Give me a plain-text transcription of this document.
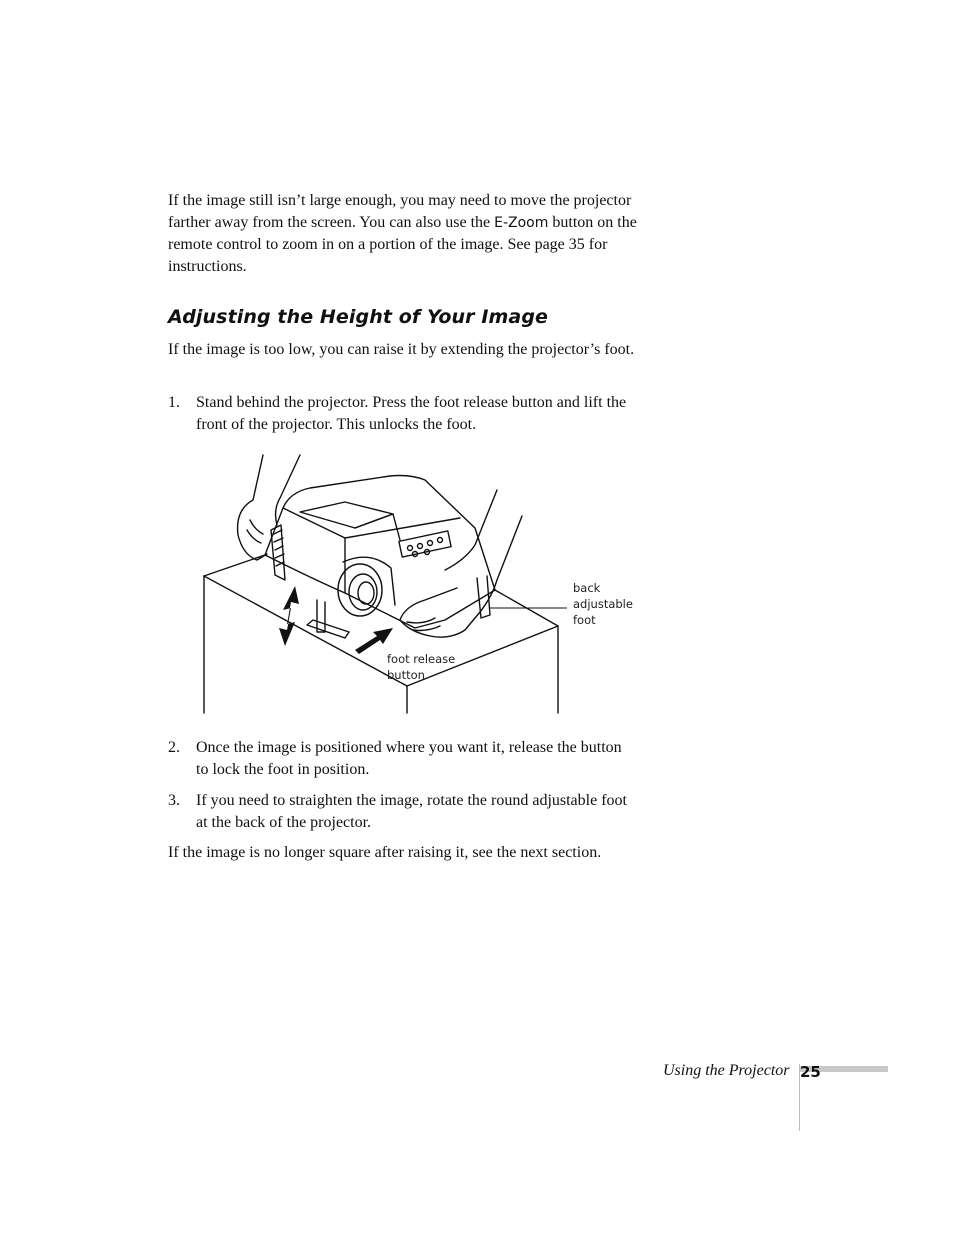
If the image still isn’t large enough, you may need to move the projector farther away from the screen. You can also use the E-Zoom button on the remote control to zoom in on a portion of the image. See page 35 for instructions.

Adjusting the Height of Your Image

If the image is too low, you can raise it by extending the projector’s foot.

1. Stand behind the projector. Press the foot release button and lift the front of the projector. This unlocks the foot.
back
adjustable
foot
foot release
button
2. Once the image is positioned where you want it, release the button to lock the foot in position.
3. If you need to straighten the image, rotate the round adjustable foot at the back of the projector.

If the image is no longer square after raising it, see the next section.

Using the Projector 25
